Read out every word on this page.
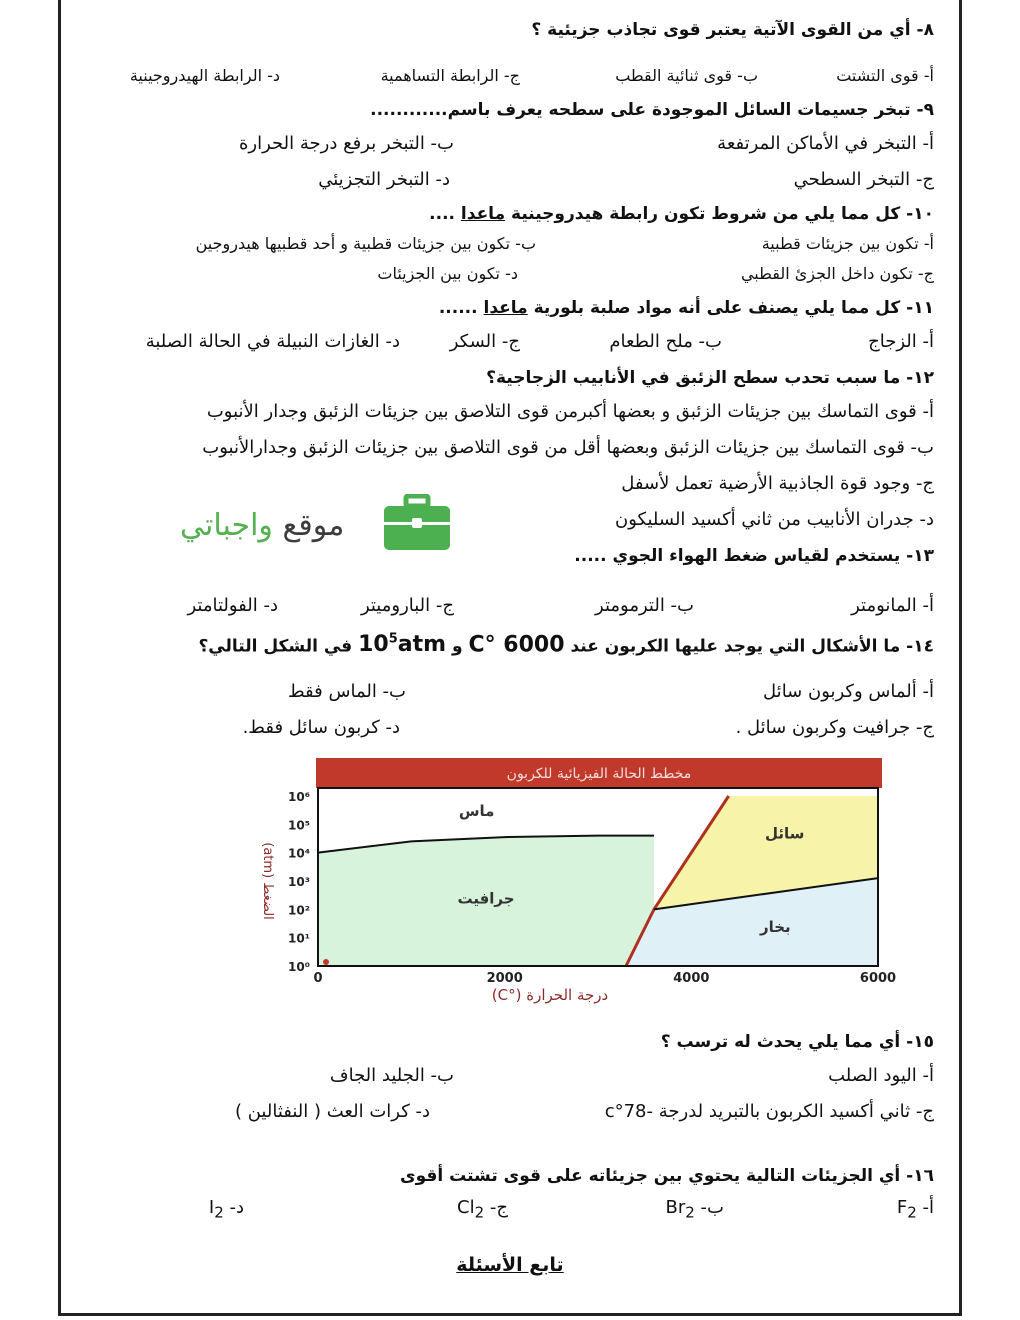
٨- أي من القوى الآتية يعتبر قوى تجاذب جزيئية ؟
أ- قوى التشتت
ب- قوى ثنائية القطب
ج- الرابطة التساهمية
د- الرابطة الهيدروجينية
٩- تبخر جسيمات السائل الموجودة على سطحه يعرف باسم............
أ- التبخر في الأماكن المرتفعة
ب- التبخر برفع درجة الحرارة
ج- التبخر السطحي
د- التبخر التجزيئي
١٠- كل مما يلي من شروط تكون رابطة هيدروجينية ماعدا ....
أ- تكون بين جزيئات قطبية
ب- تكون بين جزيئات قطبية و أحد قطبيها هيدروجين
ج- تكون داخل الجزئ القطبي
د- تكون بين الجزيئات
١١- كل مما يلي يصنف على أنه مواد صلبة بلورية ماعدا ......
أ- الزجاج
ب- ملح الطعام
ج- السكر
د- الغازات النبيلة في الحالة الصلبة
١٢- ما سبب تحدب سطح الزئبق في الأنابيب الزجاجية؟
أ- قوى التماسك بين جزيئات الزئبق و بعضها أكبرمن قوى التلاصق بين جزيئات الزئبق وجدار الأنبوب
ب- قوى التماسك بين جزيئات الزئبق وبعضها أقل من قوى التلاصق بين جزيئات الزئبق وجدارالأنبوب
ج- وجود قوة الجاذبية الأرضية تعمل لأسفل
د- جدران الأنابيب من ثاني أكسيد السليكون
موقع واجباتي
١٣- يستخدم لقياس ضغط الهواء الجوي .....
أ- المانومتر
ب- الترمومتر
ج- الباروميتر
د- الفولتامتر
١٤- ما الأشكال التي يوجد عليها الكربون عند 6000 °C و $10^5atm$ في الشكل التالي؟
أ- ألماس وكربون سائل
ب- الماس فقط
ج- جرافيت وكربون سائل .
د- كربون سائل فقط.
مخطط الحالة الفيزيائية للكربون
ماس
جرافيت
سائل
بخار
10⁰
10¹
10²
10³
10⁴
10⁵
10⁶
0	2000	4000	6000
درجة الحرارة (°C)
الضغط (atm)
١٥- أي مما يلي يحدث له ترسب ؟
أ- اليود الصلب
ب- الجليد الجاف
ج- ثاني أكسيد الكربون بالتبريد لدرجة -78°c
د- كرات العث ( النفثالين )
١٦- أي الجزيئات التالية يحتوي بين جزيئاته على قوى تشتت أقوى
أ- $F_2$
ب- $Br_2$
ج- $Cl_2$
د- $I_2$
تابع الأسئلة
